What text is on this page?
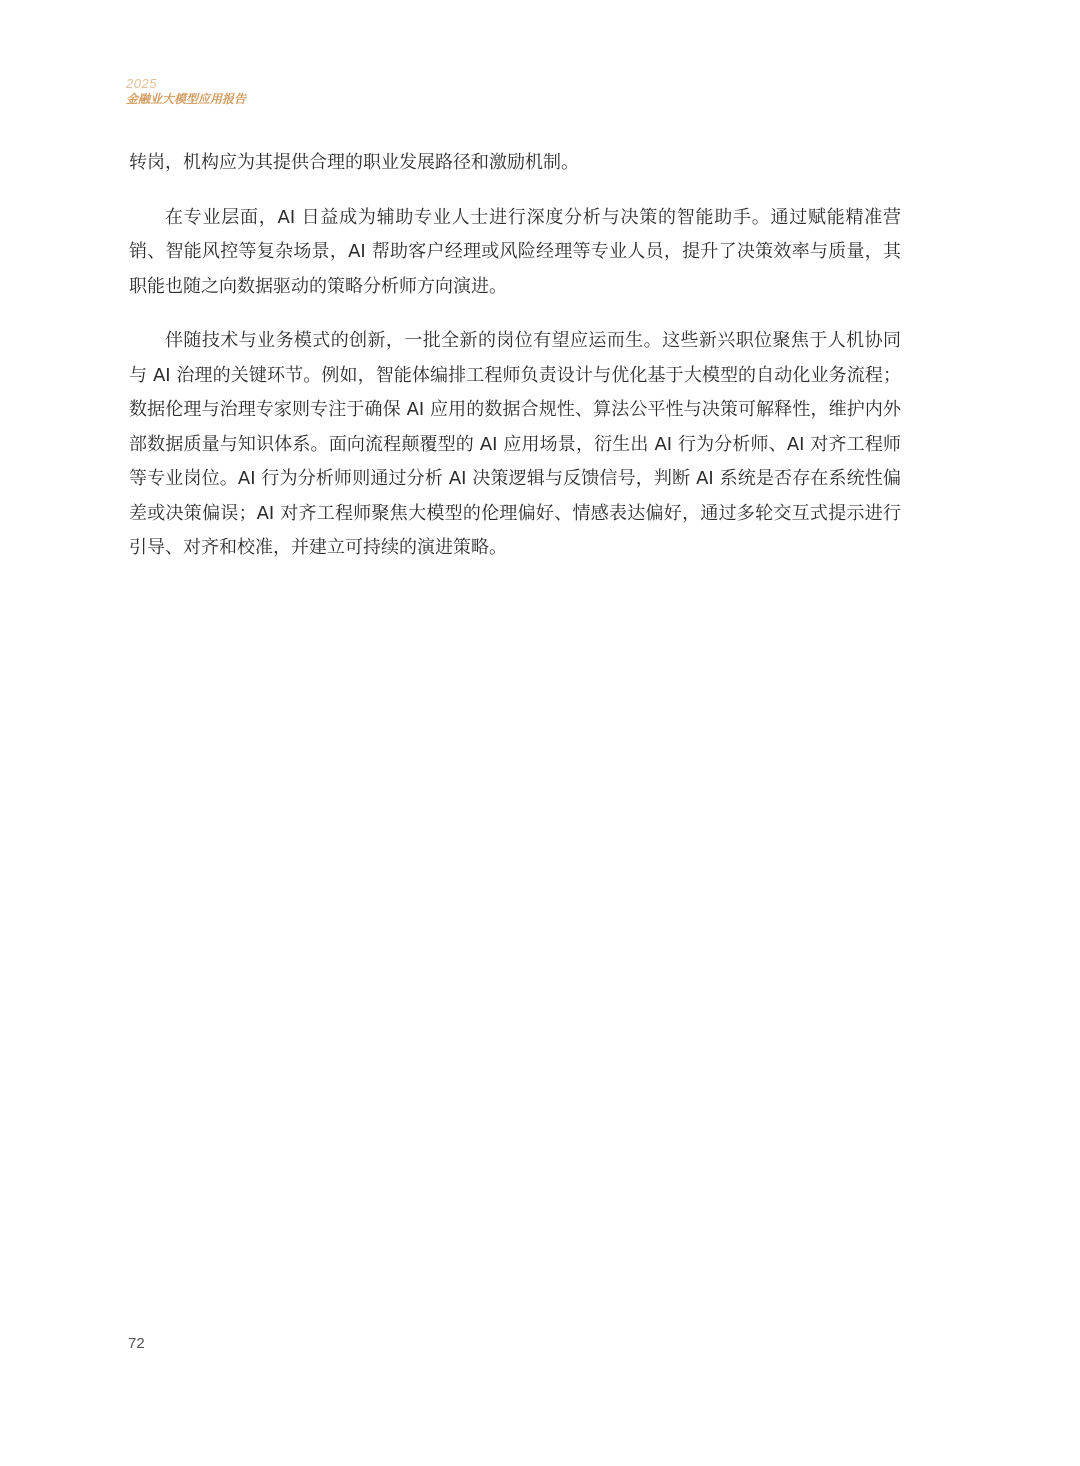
2025
金融业大模型应用报告

转岗，机构应为其提供合理的职业发展路径和激励机制。

在专业层面，AI 日益成为辅助专业人士进行深度分析与决策的智能助手。通过赋能精准营销、智能风控等复杂场景，AI 帮助客户经理或风险经理等专业人员，提升了决策效率与质量，其职能也随之向数据驱动的策略分析师方向演进。

伴随技术与业务模式的创新，一批全新的岗位有望应运而生。这些新兴职位聚焦于人机协同与 AI 治理的关键环节。例如，智能体编排工程师负责设计与优化基于大模型的自动化业务流程；数据伦理与治理专家则专注于确保 AI 应用的数据合规性、算法公平性与决策可解释性，维护内外部数据质量与知识体系。面向流程颠覆型的 AI 应用场景，衍生出 AI 行为分析师、AI 对齐工程师等专业岗位。AI 行为分析师则通过分析 AI 决策逻辑与反馈信号，判断 AI 系统是否存在系统性偏差或决策偏误；AI 对齐工程师聚焦大模型的伦理偏好、情感表达偏好，通过多轮交互式提示进行引导、对齐和校准，并建立可持续的演进策略。

72
